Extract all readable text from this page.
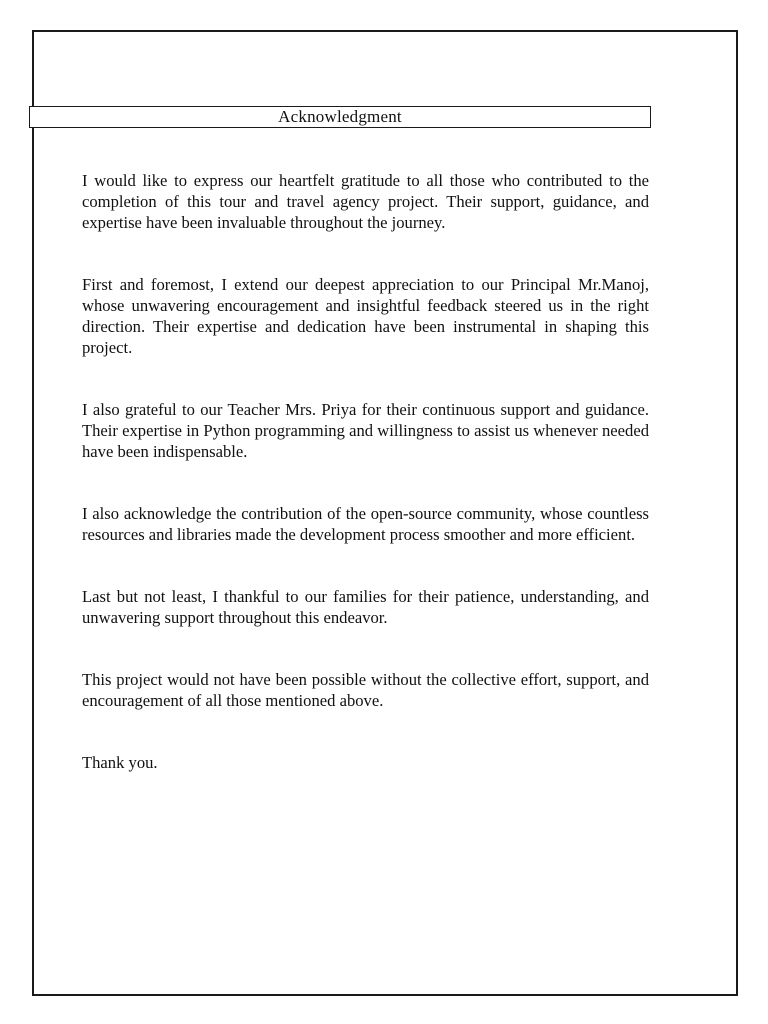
Acknowledgment

I would like to express our heartfelt gratitude to all those who contributed to the completion of this tour and travel agency project. Their support, guidance, and expertise have been invaluable throughout the journey.

First and foremost, I extend our deepest appreciation to our Principal Mr.Manoj, whose unwavering encouragement and insightful feedback steered us in the right direction. Their expertise and dedication have been instrumental in shaping this project.

I also grateful to our Teacher Mrs. Priya for their continuous support and guidance. Their expertise in Python programming and willingness to assist us whenever needed have been indispensable.

I also acknowledge the contribution of the open-source community, whose countless resources and libraries made the development process smoother and more efficient.

Last but not least, I thankful to our families for their patience, understanding, and unwavering support throughout this endeavor.

This project would not have been possible without the collective effort, support, and encouragement of all those mentioned above.

Thank you.
